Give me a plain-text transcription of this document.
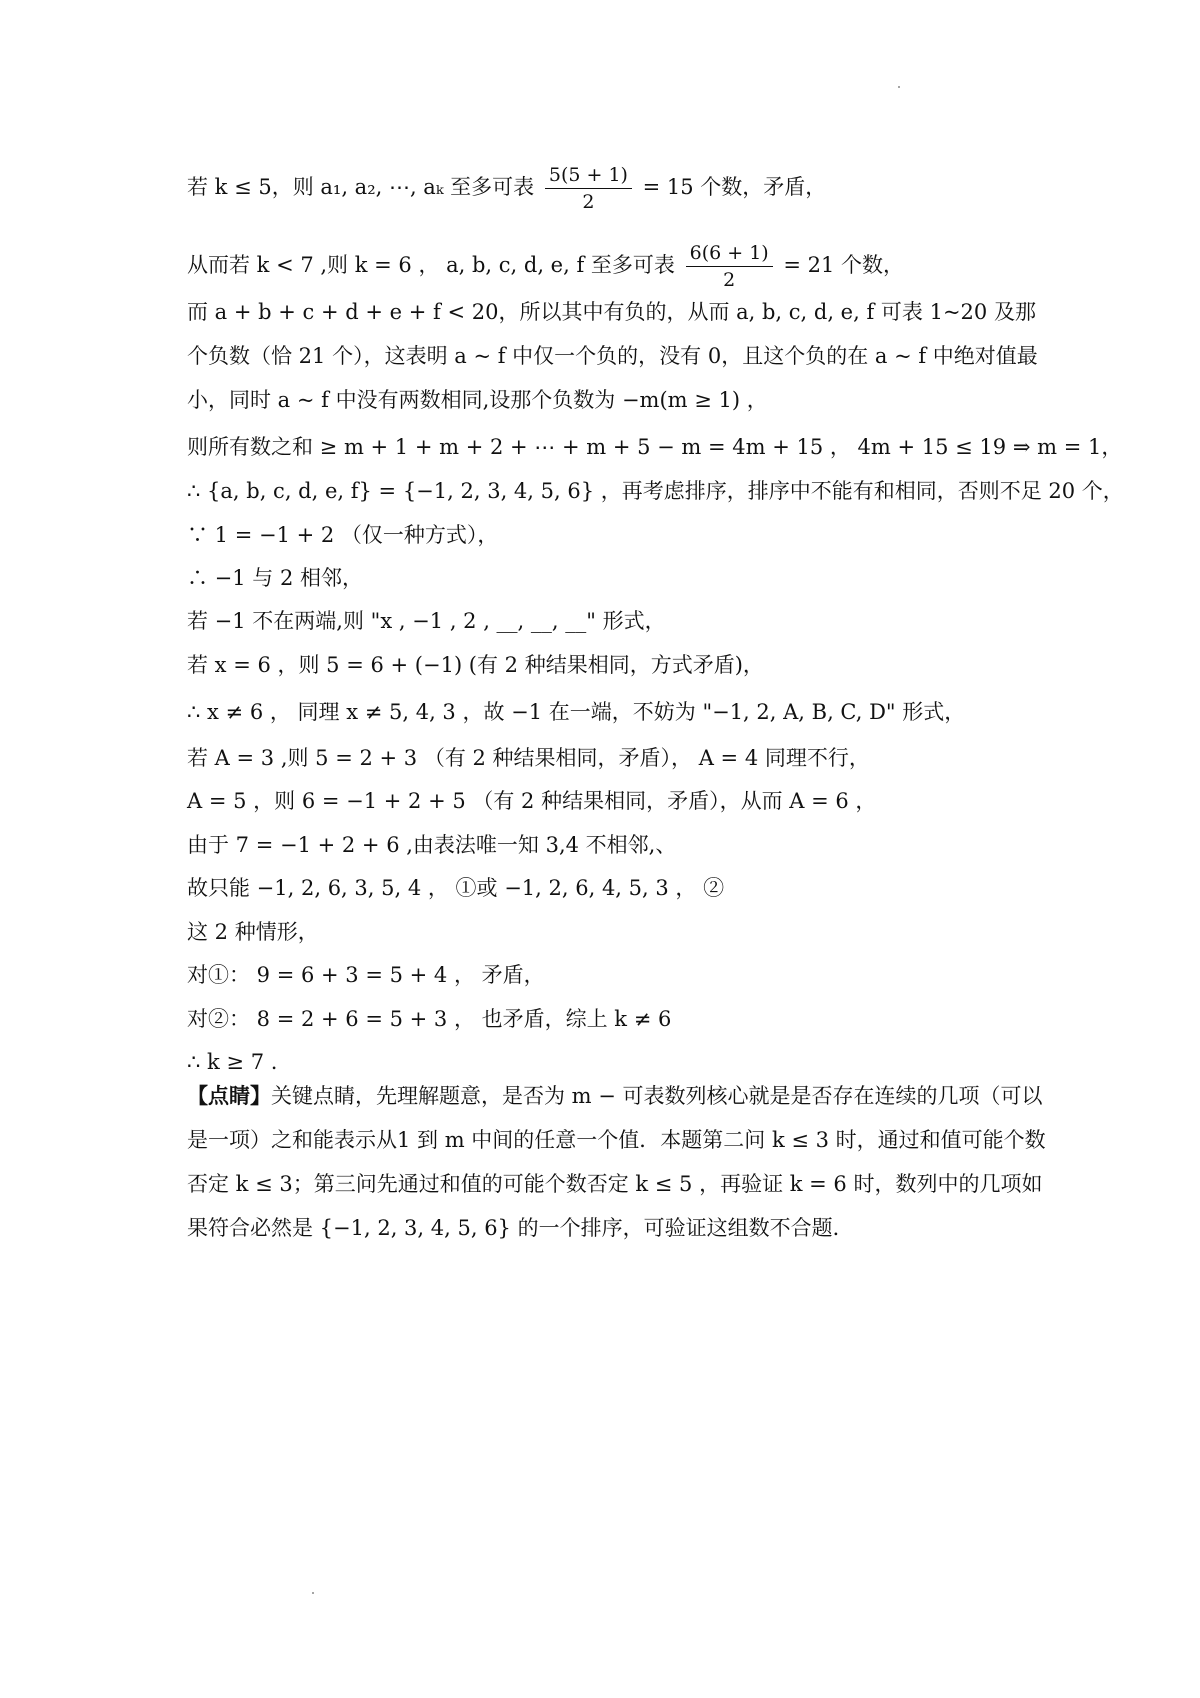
若 k ≤ 5，则 a₁, a₂, ⋯, aₖ 至多可表 $\frac{5(5 + 1)}{2} = 15$ 个数，矛盾，
从而若 k < 7 ,则 k = 6 ， a, b, c, d, e, f 至多可表 $\frac{6(6 + 1)}{2} = 21$ 个数，
而 a + b + c + d + e + f < 20，所以其中有负的，从而 a, b, c, d, e, f 可表 1~20 及那个负数（恰 21 个），这表明 a ~ f 中仅一个负的，没有 0，且这个负的在 a ~ f 中绝对值最小，同时 a ~ f 中没有两数相同,设那个负数为 −m(m ≥ 1) ，
则所有数之和 ≥ m + 1 + m + 2 + ⋯ + m + 5 − m = 4m + 15 ， 4m + 15 ≤ 19 ⇒ m = 1，
∴ {a, b, c, d, e, f} = {−1, 2, 3, 4, 5, 6} ，再考虑排序，排序中不能有和相同，否则不足 20 个，
∵ 1 = −1 + 2 （仅一种方式），
∴ −1 与 2 相邻，
若 −1 不在两端,则 "x , −1 , 2 , __, __, __" 形式，
若 x = 6 ，则 5 = 6 + (−1) (有 2 种结果相同，方式矛盾)，
∴ x ≠ 6 ， 同理 x ≠ 5, 4, 3 ，故 −1 在一端，不妨为 "−1, 2, A, B, C, D" 形式，
若 A = 3 ,则 5 = 2 + 3 （有 2 种结果相同，矛盾）， A = 4 同理不行，
A = 5 ，则 6 = −1 + 2 + 5 （有 2 种结果相同，矛盾），从而 A = 6 ，
由于 7 = −1 + 2 + 6 ,由表法唯一知 3,4 不相邻,、
故只能 −1, 2, 6, 3, 5, 4 ， ①或 −1, 2, 6, 4, 5, 3 ， ②
这 2 种情形，
对①： 9 = 6 + 3 = 5 + 4 ， 矛盾，
对②： 8 = 2 + 6 = 5 + 3 ， 也矛盾，综上 k ≠ 6
∴ k ≥ 7 .
【点睛】关键点睛，先理解题意，是否为 m − 可表数列核心就是是否存在连续的几项（可以是一项）之和能表示从1 到 m 中间的任意一个值．本题第二问 k ≤ 3 时，通过和值可能个数否定 k ≤ 3；第三问先通过和值的可能个数否定 k ≤ 5 ，再验证 k = 6 时，数列中的几项如果符合必然是 {−1, 2, 3, 4, 5, 6} 的一个排序，可验证这组数不合题．
